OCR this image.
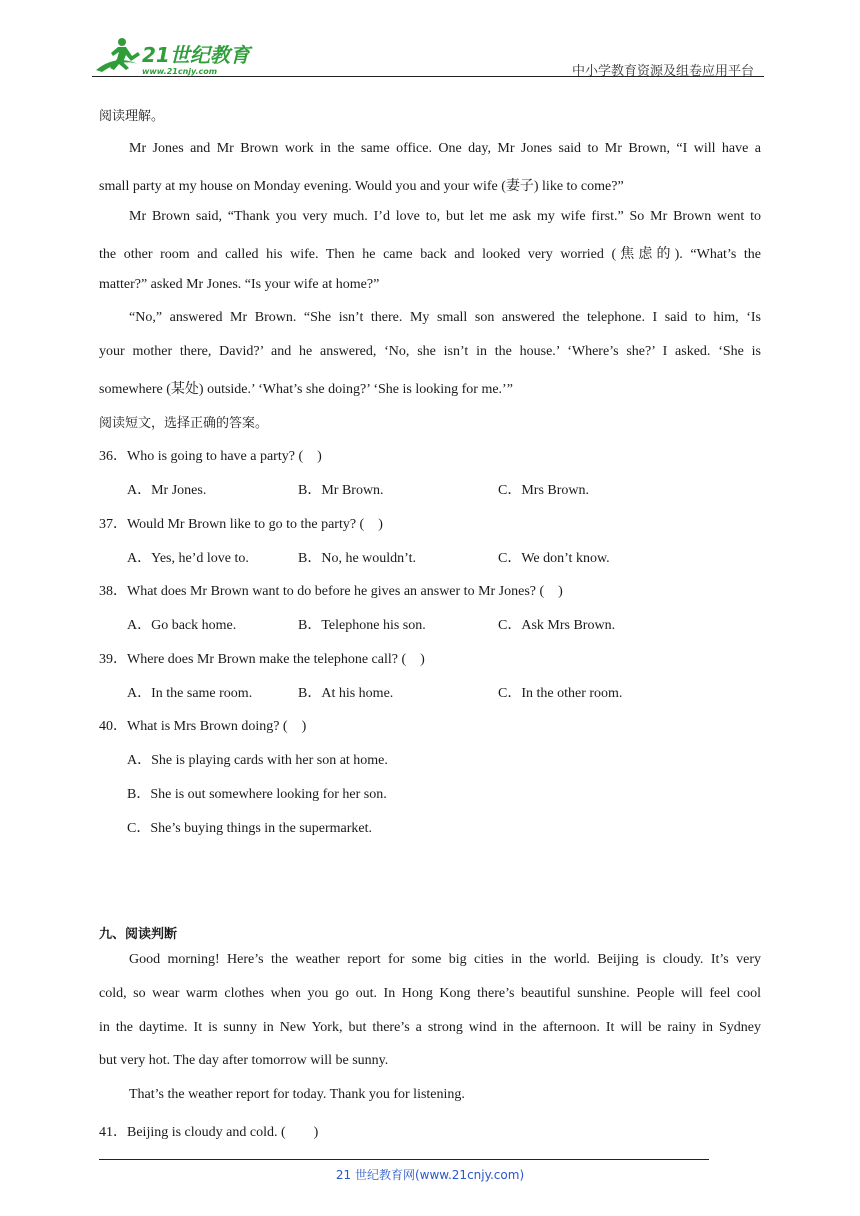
21世纪教育
www.21cnjy.com	中小学教育资源及组卷应用平台
阅读理解。
Mr Jones and Mr Brown work in the same office. One day, Mr Jones said to Mr Brown, “I will have a
small party at my house on Monday evening. Would you and your wife (妻子) like to come?”
Mr Brown said, “Thank you very much. I’d love to, but let me ask my wife first.” So Mr Brown went to
the other room and called his wife. Then he came back and looked very worried (焦虑的). “What’s the
matter?” asked Mr Jones. “Is your wife at home?”
“No,” answered Mr Brown. “She isn’t there. My small son answered the telephone. I said to him, ‘Is
your mother there, David?’ and he answered, ‘No, she isn’t in the house.’ ‘Where’s she?’ I asked. ‘She is
somewhere (某处) outside.’ ‘What’s she doing?’ ‘She is looking for me.’”
阅读短文，选择正确的答案。
36．Who is going to have a party? (　)
A．Mr Jones.	B．Mr Brown.	C．Mrs Brown.
37．Would Mr Brown like to go to the party? (　)
A．Yes, he’d love to.	B．No, he wouldn’t.	C．We don’t know.
38．What does Mr Brown want to do before he gives an answer to Mr Jones? (　)
A．Go back home.	B．Telephone his son.	C．Ask Mrs Brown.
39．Where does Mr Brown make the telephone call? (　)
A．In the same room.	B．At his home.	C．In the other room.
40．What is Mrs Brown doing? (　)
A．She is playing cards with her son at home.
B．She is out somewhere looking for her son.
C．She’s buying things in the supermarket.
九、阅读判断
Good morning! Here’s the weather report for some big cities in the world. Beijing is cloudy. It’s very
cold, so wear warm clothes when you go out. In Hong Kong there’s beautiful sunshine. People will feel cool
in the daytime. It is sunny in New York, but there’s a strong wind in the afternoon. It will be rainy in Sydney
but very hot. The day after tomorrow will be sunny.
That’s the weather report for today. Thank you for listening.
41．Beijing is cloudy and cold. (　　)
21 世纪教育网(www.21cnjy.com)
